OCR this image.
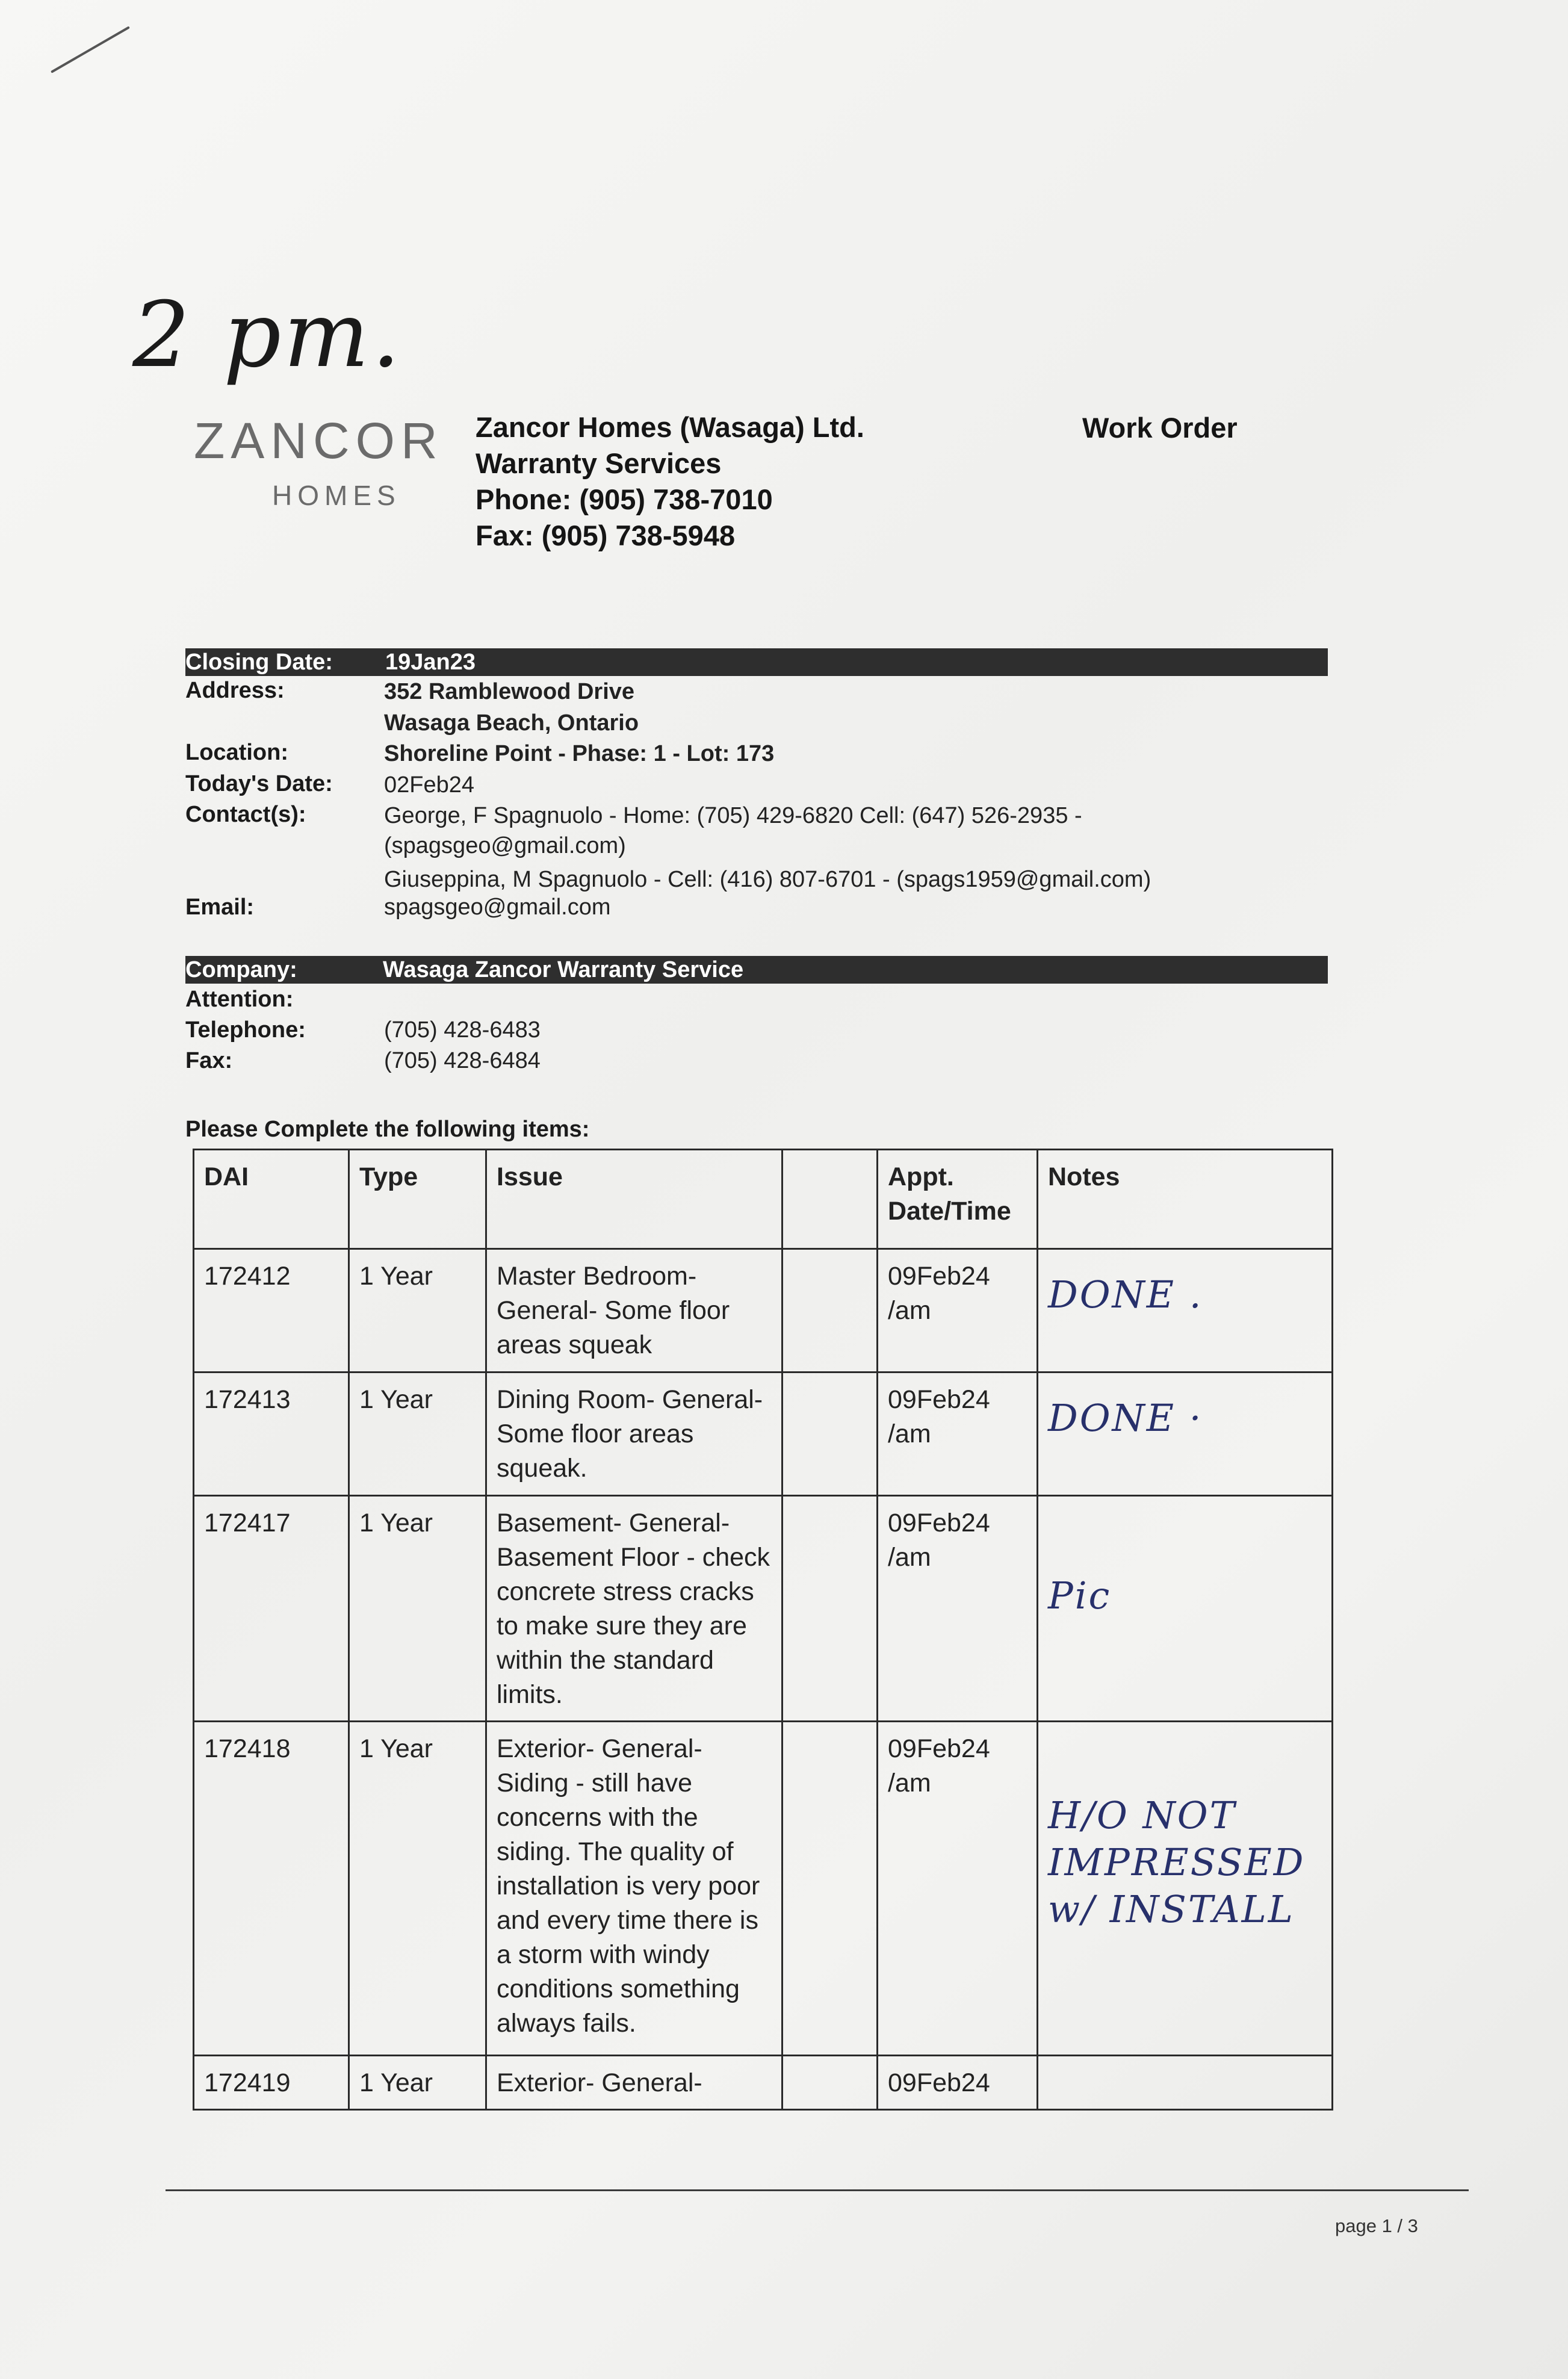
2 pm.
ZANCOR
HOMES
Zancor Homes (Wasaga) Ltd.
Warranty Services
Phone: (905) 738-7010
Fax: (905) 738-5948
Work Order
Closing Date: 19Jan23
Address:	352 Ramblewood Drive
Wasaga Beach, Ontario
Location:	Shoreline Point - Phase: 1 - Lot: 173
Today's Date: 02Feb24
Contact(s):	George, F Spagnuolo - Home: (705) 429-6820 Cell: (647) 526-2935 -
(spagsgeo@gmail.com)
Giuseppina, M Spagnuolo - Cell: (416) 807-6701 - (spags1959@gmail.com)
Email:	spagsgeo@gmail.com
Company:	Wasaga Zancor Warranty Service
Attention:
Telephone:	(705) 428-6483
Fax:	(705) 428-6484
Please Complete the following items:
DAI	Type	Issue		Appt. Date/Time	Notes
172412	1 Year	Master Bedroom- General- Some floor areas squeak		09Feb24 /am	DONE .

172413	1 Year	Dining Room- General- Some floor areas squeak.		09Feb24 /am	DONE ·

172417	1 Year	Basement- General- Basement Floor - check concrete stress cracks to make sure they are within the standard limits.		09Feb24 /am	Pic

172418	1 Year	Exterior- General- Siding - still have concerns with the siding. The quality of installation is very poor and every time there is a storm with windy conditions something always fails.		09Feb24 /am	H/O NOT IMPRESSED w/ INSTALL

172419	1 Year	Exterior- General-		09Feb24	
page 1 / 3
